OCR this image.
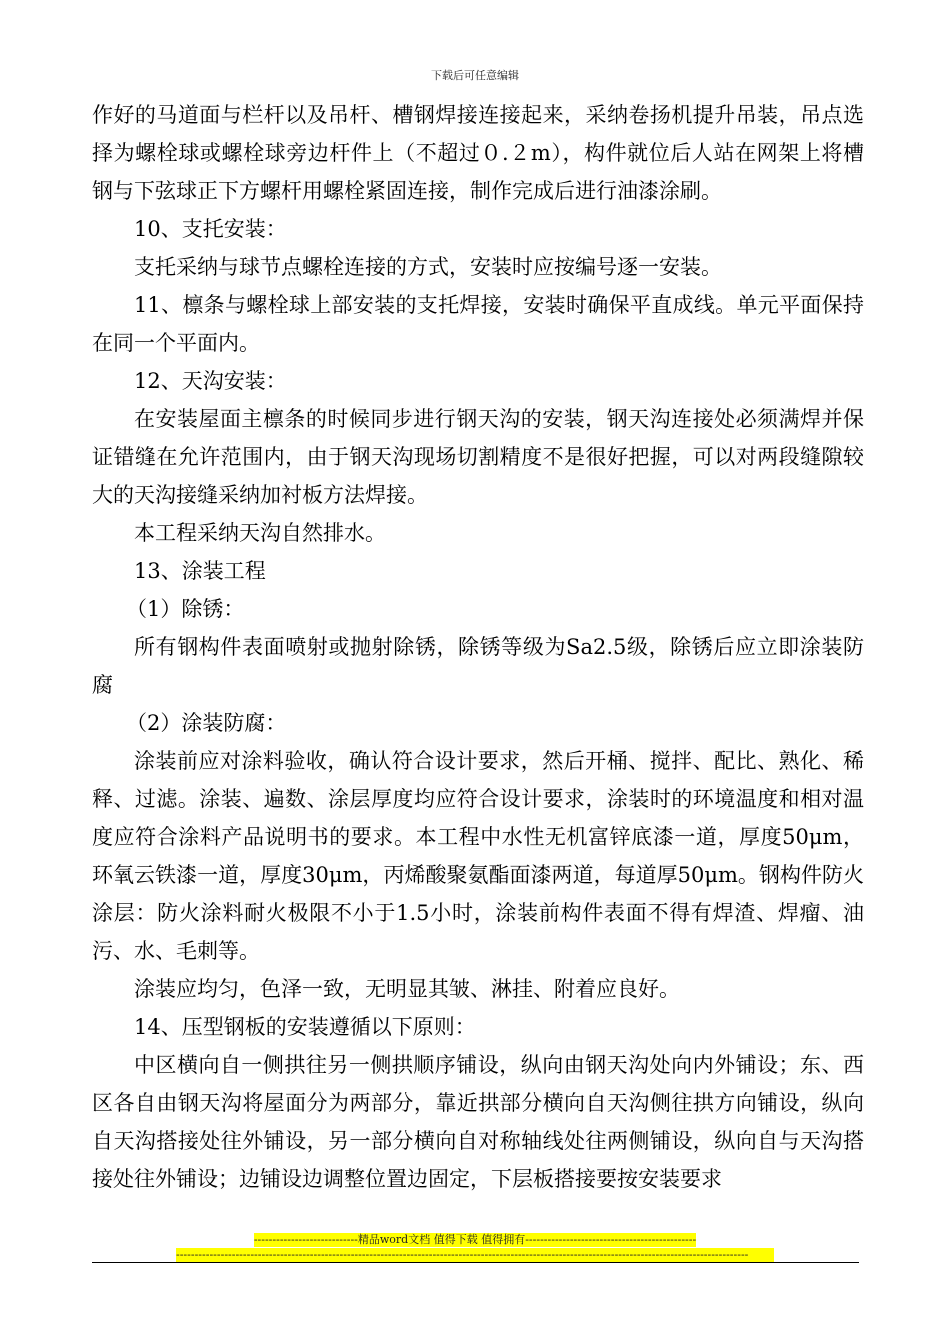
下载后可任意编辑

作好的马道面与栏杆以及吊杆、槽钢焊接连接起来，采纳卷扬机提升吊装，吊点选择为螺栓球或螺栓球旁边杆件上（不超过０.２m），构件就位后人站在网架上将槽钢与下弦球正下方螺杆用螺栓紧固连接，制作完成后进行油漆涂刷。

10、支托安装：

支托采纳与球节点螺栓连接的方式，安装时应按编号逐一安装。

11、檩条与螺栓球上部安装的支托焊接，安装时确保平直成线。单元平面保持在同一个平面内。

12、天沟安装：

在安装屋面主檩条的时候同步进行钢天沟的安装，钢天沟连接处必须满焊并保证错缝在允许范围内，由于钢天沟现场切割精度不是很好把握，可以对两段缝隙较大的天沟接缝采纳加衬板方法焊接。

本工程采纳天沟自然排水。

13、涂装工程

（1）除锈：

所有钢构件表面喷射或抛射除锈，除锈等级为Sa2.5级，除锈后应立即涂装防腐

（2）涂装防腐：

涂装前应对涂料验收，确认符合设计要求，然后开桶、搅拌、配比、熟化、稀释、过滤。涂装、遍数、涂层厚度均应符合设计要求，涂装时的环境温度和相对温度应符合涂料产品说明书的要求。本工程中水性无机富锌底漆一道，厚度50μm，环氧云铁漆一道，厚度30μm，丙烯酸聚氨酯面漆两道，每道厚50μm。钢构件防火涂层：防火涂料耐火极限不小于1.5小时，涂装前构件表面不得有焊渣、焊瘤、油污、水、毛刺等。

涂装应均匀，色泽一致，无明显其皱、淋挂、附着应良好。

14、压型钢板的安装遵循以下原则：

中区横向自一侧拱往另一侧拱顺序铺设，纵向由钢天沟处向内外铺设；东、西区各自由钢天沟将屋面分为两部分，靠近拱部分横向自天沟侧往拱方向铺设，纵向自天沟搭接处往外铺设，另一部分横向自对称轴线处往两侧铺设，纵向自与天沟搭接处往外铺设；边铺设边调整位置边固定，下层板搭接要按安装要求

----------------------------精品word文档 值得下载 值得拥有----------------------------------------------
----------------------------------------------------------------------------------------------------------------------------------------------------------
